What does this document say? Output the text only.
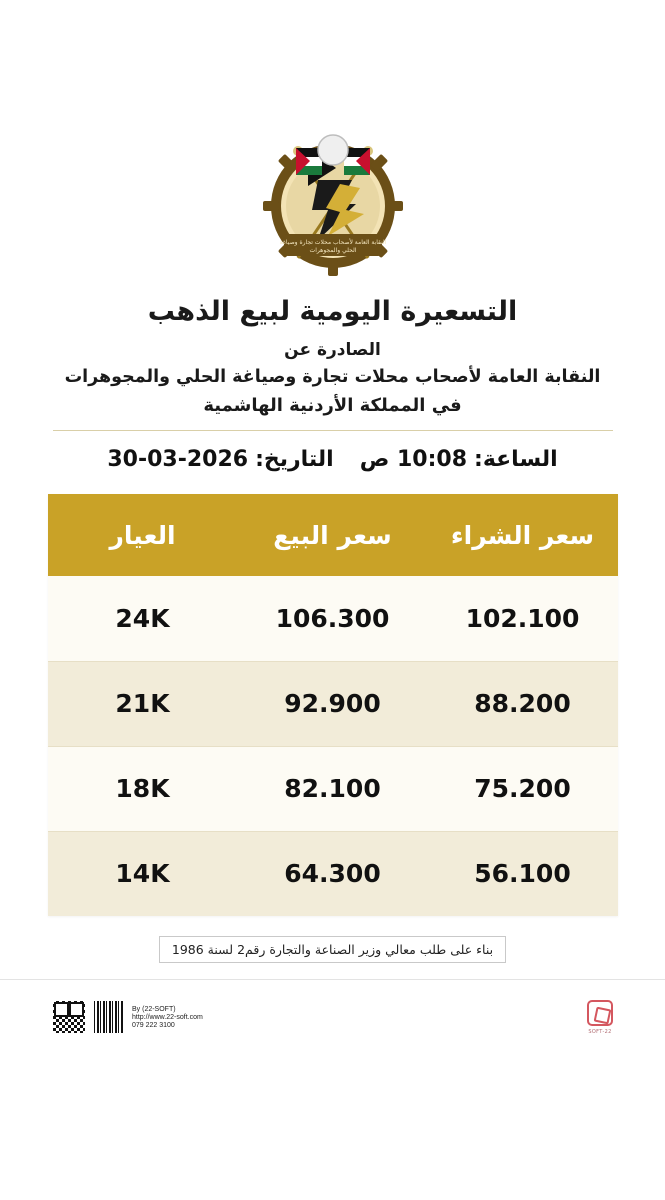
النقابة العامة لأصحاب محلات تجارة وصياغة
الحلي والمجوهرات
التسعيرة اليومية لبيع الذهب
الصادرة عن
النقابة العامة لأصحاب محلات تجارة وصياغة الحلي والمجوهرات
في المملكة الأردنية الهاشمية
الساعة:
10:08 ص
التاريخ:
30-03-2026
سعر الشراء	سعر البيع	العيار
102.100	106.300	24K
88.200	92.900	21K
75.200	82.100	18K
56.100	64.300	14K
بناء على طلب معالي وزير الصناعة والتجارة رقم2 لسنة 1986
22-SOFT
By (22-SOFT)
http://www.22-soft.com
079 222 3100
